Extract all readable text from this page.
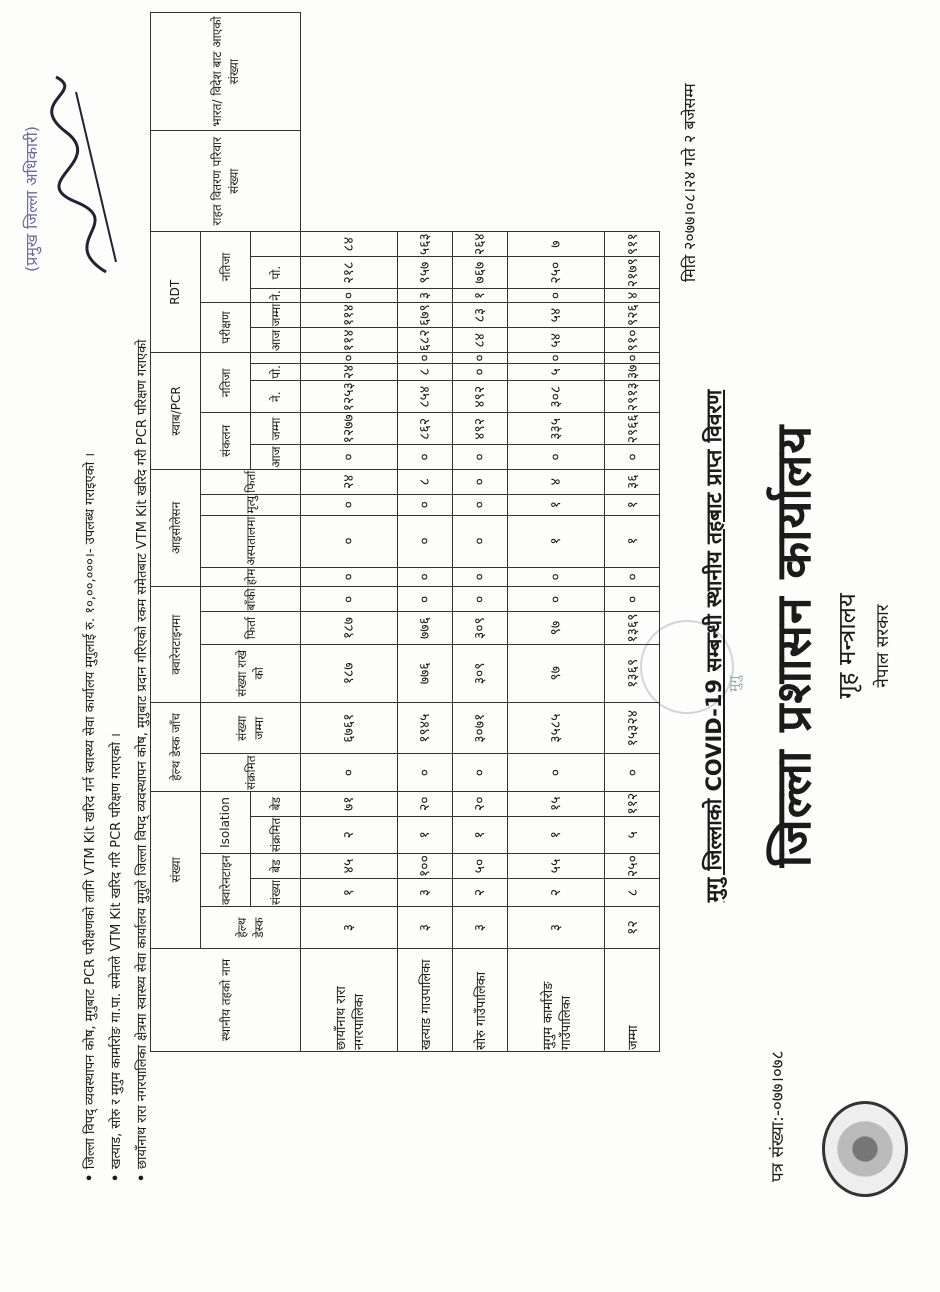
नेपाल सरकार
गृह मन्त्रालय
जिल्ला प्रशासन कार्यालय
पत्र संख्या:-०७७।०७८
मुगु
मुगु जिल्लाको COVID-19 सम्बन्धी स्थानीय तहबाट प्राप्त विवरण
मिति २०७७।०८।२४ गते २ बजेसम्म
स्थानीय तहको नाम	संख्या					हेल्थ डेस्क जाँच		क्वारेनटाइनमा			आइसोलेसन				स्वाब/PCR					RDT					राहत वितरण परिवार संख्या	भारत/ विदेश बाट आएको संख्या
	हेल्थ डेस्क	क्वारेनटाइन		Isolation		संक्रमित	संख्या जम्मा	संख्या राखे को	फिर्ता	बाँकी	होम	अस्पतालमा	मृत्यु	फिर्ता	संकलन		नतिजा			परीक्षण		नतिजा				
		संख्या	बेड	संक्रमित	बेड																					
															आज	जम्मा	ने.	पो.		आज	जम्मा	ने.	पो.			
छायाँनाथ रारा नगरपालिका	३	१	४५	२	७१	०	६७६१	१८७	१८७	०	०	०	०	२४	०	१२७७	१२५३	२४	०	११४	११४	०	२१८	८४		
खत्याड गाउपालिका	३	३	१००	१	२०	०	१९४५	७७६	७७६	०	०	०	०	८	०	८६२	८५४	८	०	६८२	६७९	३	९५७	५६३		
सोरु गाउँपालिका	३	२	५०	१	२०	०	३०७१	३०९	३०९	०	०	०	०	०	०	४९२	४९२	०	०	८४	८३	१	७६७	२६४		
मुगुम कार्मारोङ गाउँपालिका	३	२	५५	१	१५	०	३५८५	९७	९७	०	०	१	१	४	०	३३५	३०८	५	०	५४	५४	०	२५०	७		
जम्मा	१२	८	२५०	५	११२	०	१५३२४	१३६९	१३६९	०	०	१	१	३६	०	२९६६	२९१३	३७	०	९१०	९२६	४	२१७९	९११		
• जिल्ला विपद् व्यवस्थापन कोष, मुगुबाट PCR परीक्षणको लागि VTM Kit खरिद गर्न स्वास्थ्य सेवा कार्यालय मुगुलाई रु. १०,००,०००।- उपलब्ध गराइएको । • खत्याड, सोरु र मुगुम कार्मारोङ गा.पा. समेतले VTM Kit खरिद गरि PCR परिक्षण गराएको । • छायाँनाथ रारा नगरपालिका क्षेत्रमा स्वास्थ्य सेवा कार्यालय मुगुले जिल्ला विपद् व्यवस्थापन कोष, मुगुबाट प्रदान गरिएको रकम समेतबाट VTM Kit खरिद गरी PCR परिक्षण गराएको
(प्रमुख जिल्ला अधिकारी)
